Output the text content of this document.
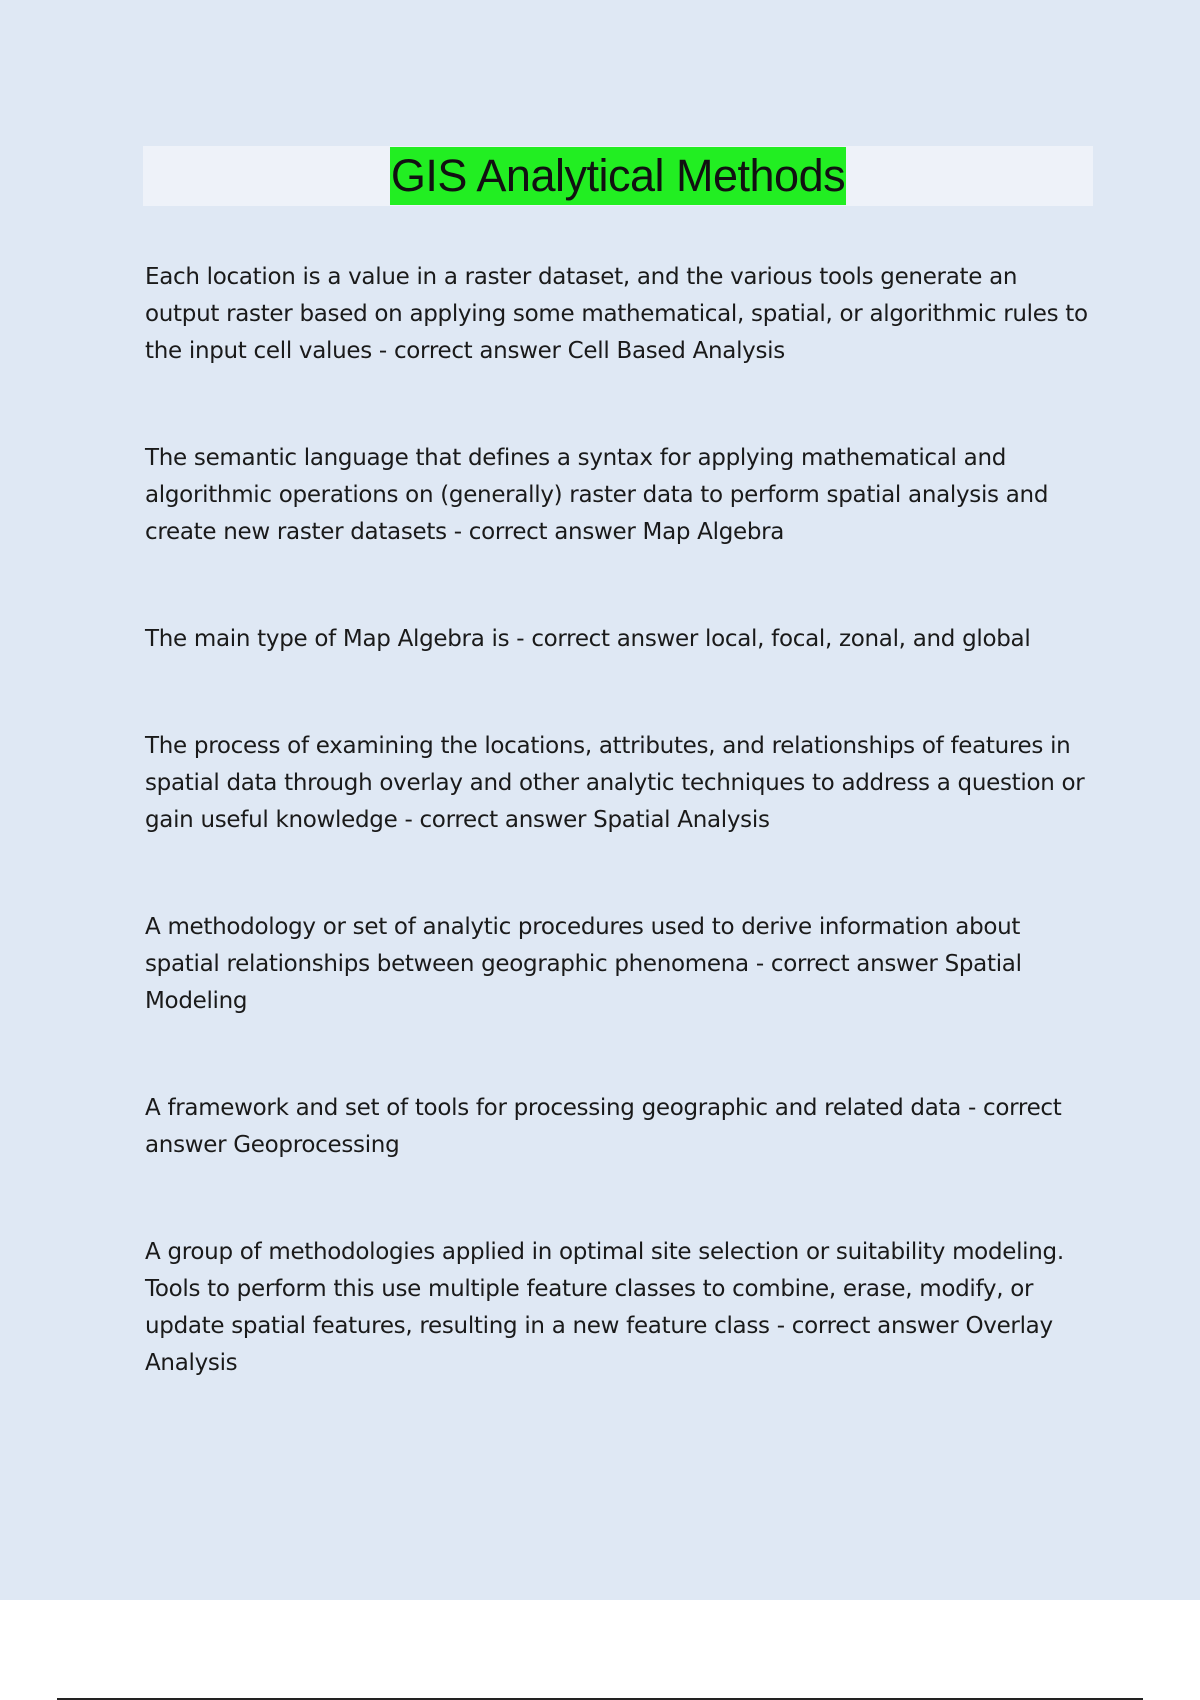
GIS Analytical Methods

Each location is a value in a raster dataset, and the various tools generate an output raster based on applying some mathematical, spatial, or algorithmic rules to the input cell values - correct answer Cell Based Analysis

The semantic language that defines a syntax for applying mathematical and algorithmic operations on (generally) raster data to perform spatial analysis and create new raster datasets - correct answer Map Algebra

The main type of Map Algebra is - correct answer local, focal, zonal, and global

The process of examining the locations, attributes, and relationships of features in spatial data through overlay and other analytic techniques to address a question or gain useful knowledge - correct answer Spatial Analysis

A methodology or set of analytic procedures used to derive information about spatial relationships between geographic phenomena - correct answer Spatial Modeling

A framework and set of tools for processing geographic and related data - correct answer Geoprocessing

A group of methodologies applied in optimal site selection or suitability modeling. Tools to perform this use multiple feature classes to combine, erase, modify, or update spatial features, resulting in a new feature class - correct answer Overlay Analysis
